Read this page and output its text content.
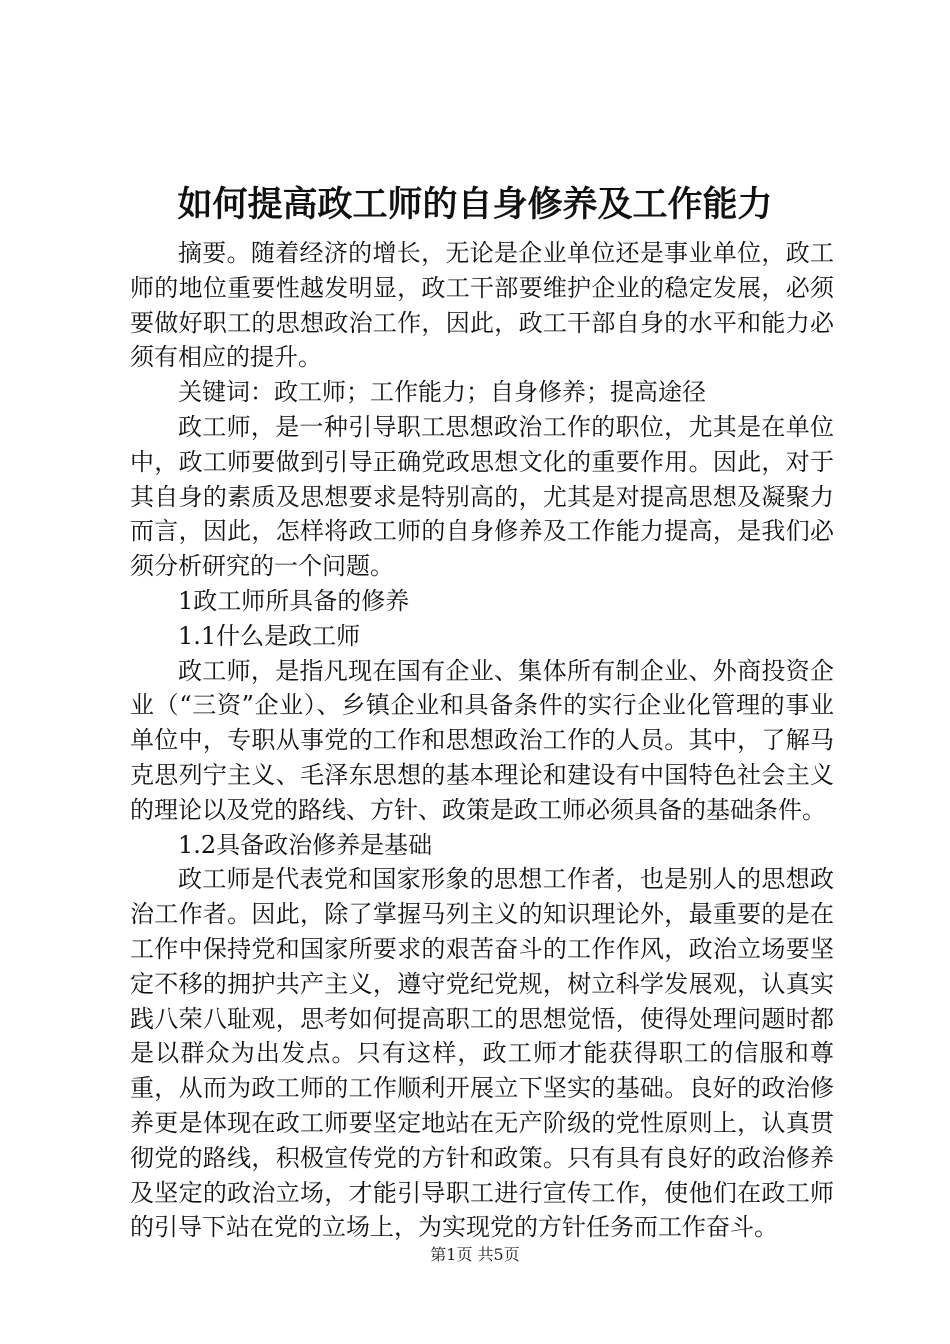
如何提高政工师的自身修养及工作能力

摘要。随着经济的增长，无论是企业单位还是事业单位，政工师的地位重要性越发明显，政工干部要维护企业的稳定发展，必须要做好职工的思想政治工作，因此，政工干部自身的水平和能力必须有相应的提升。

关键词：政工师；工作能力；自身修养；提高途径

政工师，是一种引导职工思想政治工作的职位，尤其是在单位中，政工师要做到引导正确党政思想文化的重要作用。因此，对于其自身的素质及思想要求是特别高的，尤其是对提高思想及凝聚力而言，因此，怎样将政工师的自身修养及工作能力提高，是我们必须分析研究的一个问题。

1政工师所具备的修养

1.1什么是政工师

政工师，是指凡现在国有企业、集体所有制企业、外商投资企业（“三资”企业）、乡镇企业和具备条件的实行企业化管理的事业单位中，专职从事党的工作和思想政治工作的人员。其中，了解马克思列宁主义、毛泽东思想的基本理论和建设有中国特色社会主义的理论以及党的路线、方针、政策是政工师必须具备的基础条件。

1.2具备政治修养是基础

政工师是代表党和国家形象的思想工作者，也是别人的思想政治工作者。因此，除了掌握马列主义的知识理论外，最重要的是在工作中保持党和国家所要求的艰苦奋斗的工作作风，政治立场要坚定不移的拥护共产主义，遵守党纪党规，树立科学发展观，认真实践八荣八耻观，思考如何提高职工的思想觉悟，使得处理问题时都是以群众为出发点。只有这样，政工师才能获得职工的信服和尊重，从而为政工师的工作顺利开展立下坚实的基础。良好的政治修养更是体现在政工师要坚定地站在无产阶级的党性原则上，认真贯彻党的路线，积极宣传党的方针和政策。只有具有良好的政治修养及坚定的政治立场，才能引导职工进行宣传工作，使他们在政工师的引导下站在党的立场上，为实现党的方针任务而工作奋斗。

第1页 共5页
